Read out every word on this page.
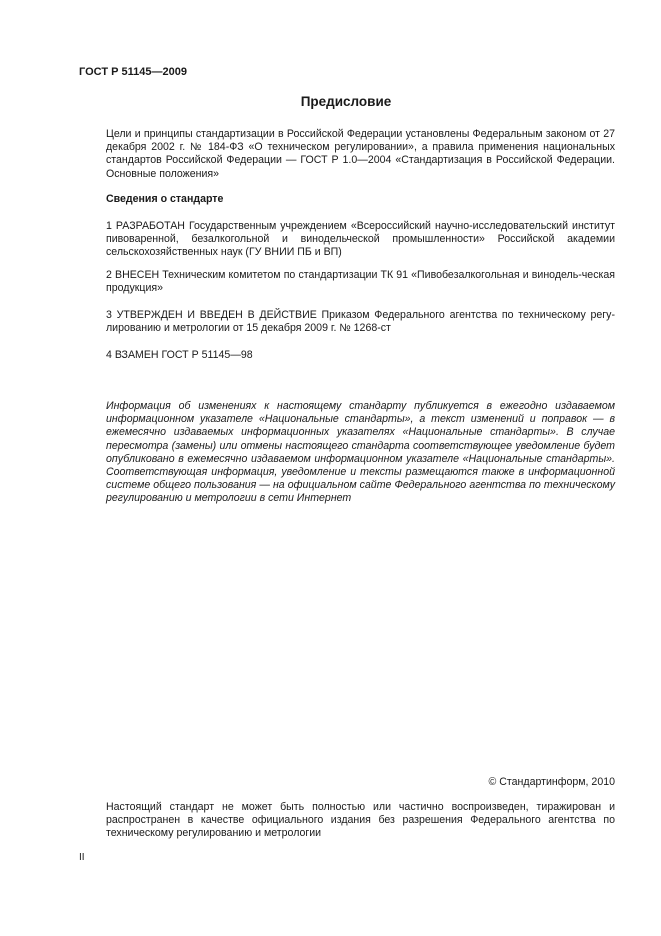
ГОСТ Р 51145—2009
Предисловие
Цели и принципы стандартизации в Российской Федерации установлены Федеральным законом от 27 декабря 2002 г. № 184-ФЗ «О техническом регулировании», а правила применения национальных стандартов Российской Федерации — ГОСТ Р 1.0—2004 «Стандартизация в Российской Федерации. Основные положения»
Сведения о стандарте
1 РАЗРАБОТАН Государственным учреждением «Всероссийский научно-исследовательский институт пивоваренной, безалкогольной и винодельческой промышленности» Российской академии сельскохозяйственных наук (ГУ ВНИИ ПБ и ВП)
2 ВНЕСЕН Техническим комитетом по стандартизации ТК 91 «Пивобезалкогольная и винодель-ческая продукция»
3 УТВЕРЖДЕН И ВВЕДЕН В ДЕЙСТВИЕ Приказом Федерального агентства по техническому регу-лированию и метрологии от 15 декабря 2009 г. № 1268-ст
4 ВЗАМЕН ГОСТ Р 51145—98
Информация об изменениях к настоящему стандарту публикуется в ежегодно издаваемом информационном указателе «Национальные стандарты», а текст изменений и поправок — в ежемесячно издаваемых информационных указателях «Национальные стандарты». В случае пересмотра (замены) или отмены настоящего стандарта соответствующее уведомление будет опубликовано в ежемесячно издаваемом информационном указателе «Национальные стандарты». Соответствующая информация, уведомление и тексты размещаются также в информационной системе общего пользования — на официальном сайте Федерального агентства по техническому регулированию и метрологии в сети Интернет
© Стандартинформ, 2010
Настоящий стандарт не может быть полностью или частично воспроизведен, тиражирован и распространен в качестве официального издания без разрешения Федерального агентства по техническому регулированию и метрологии
II
